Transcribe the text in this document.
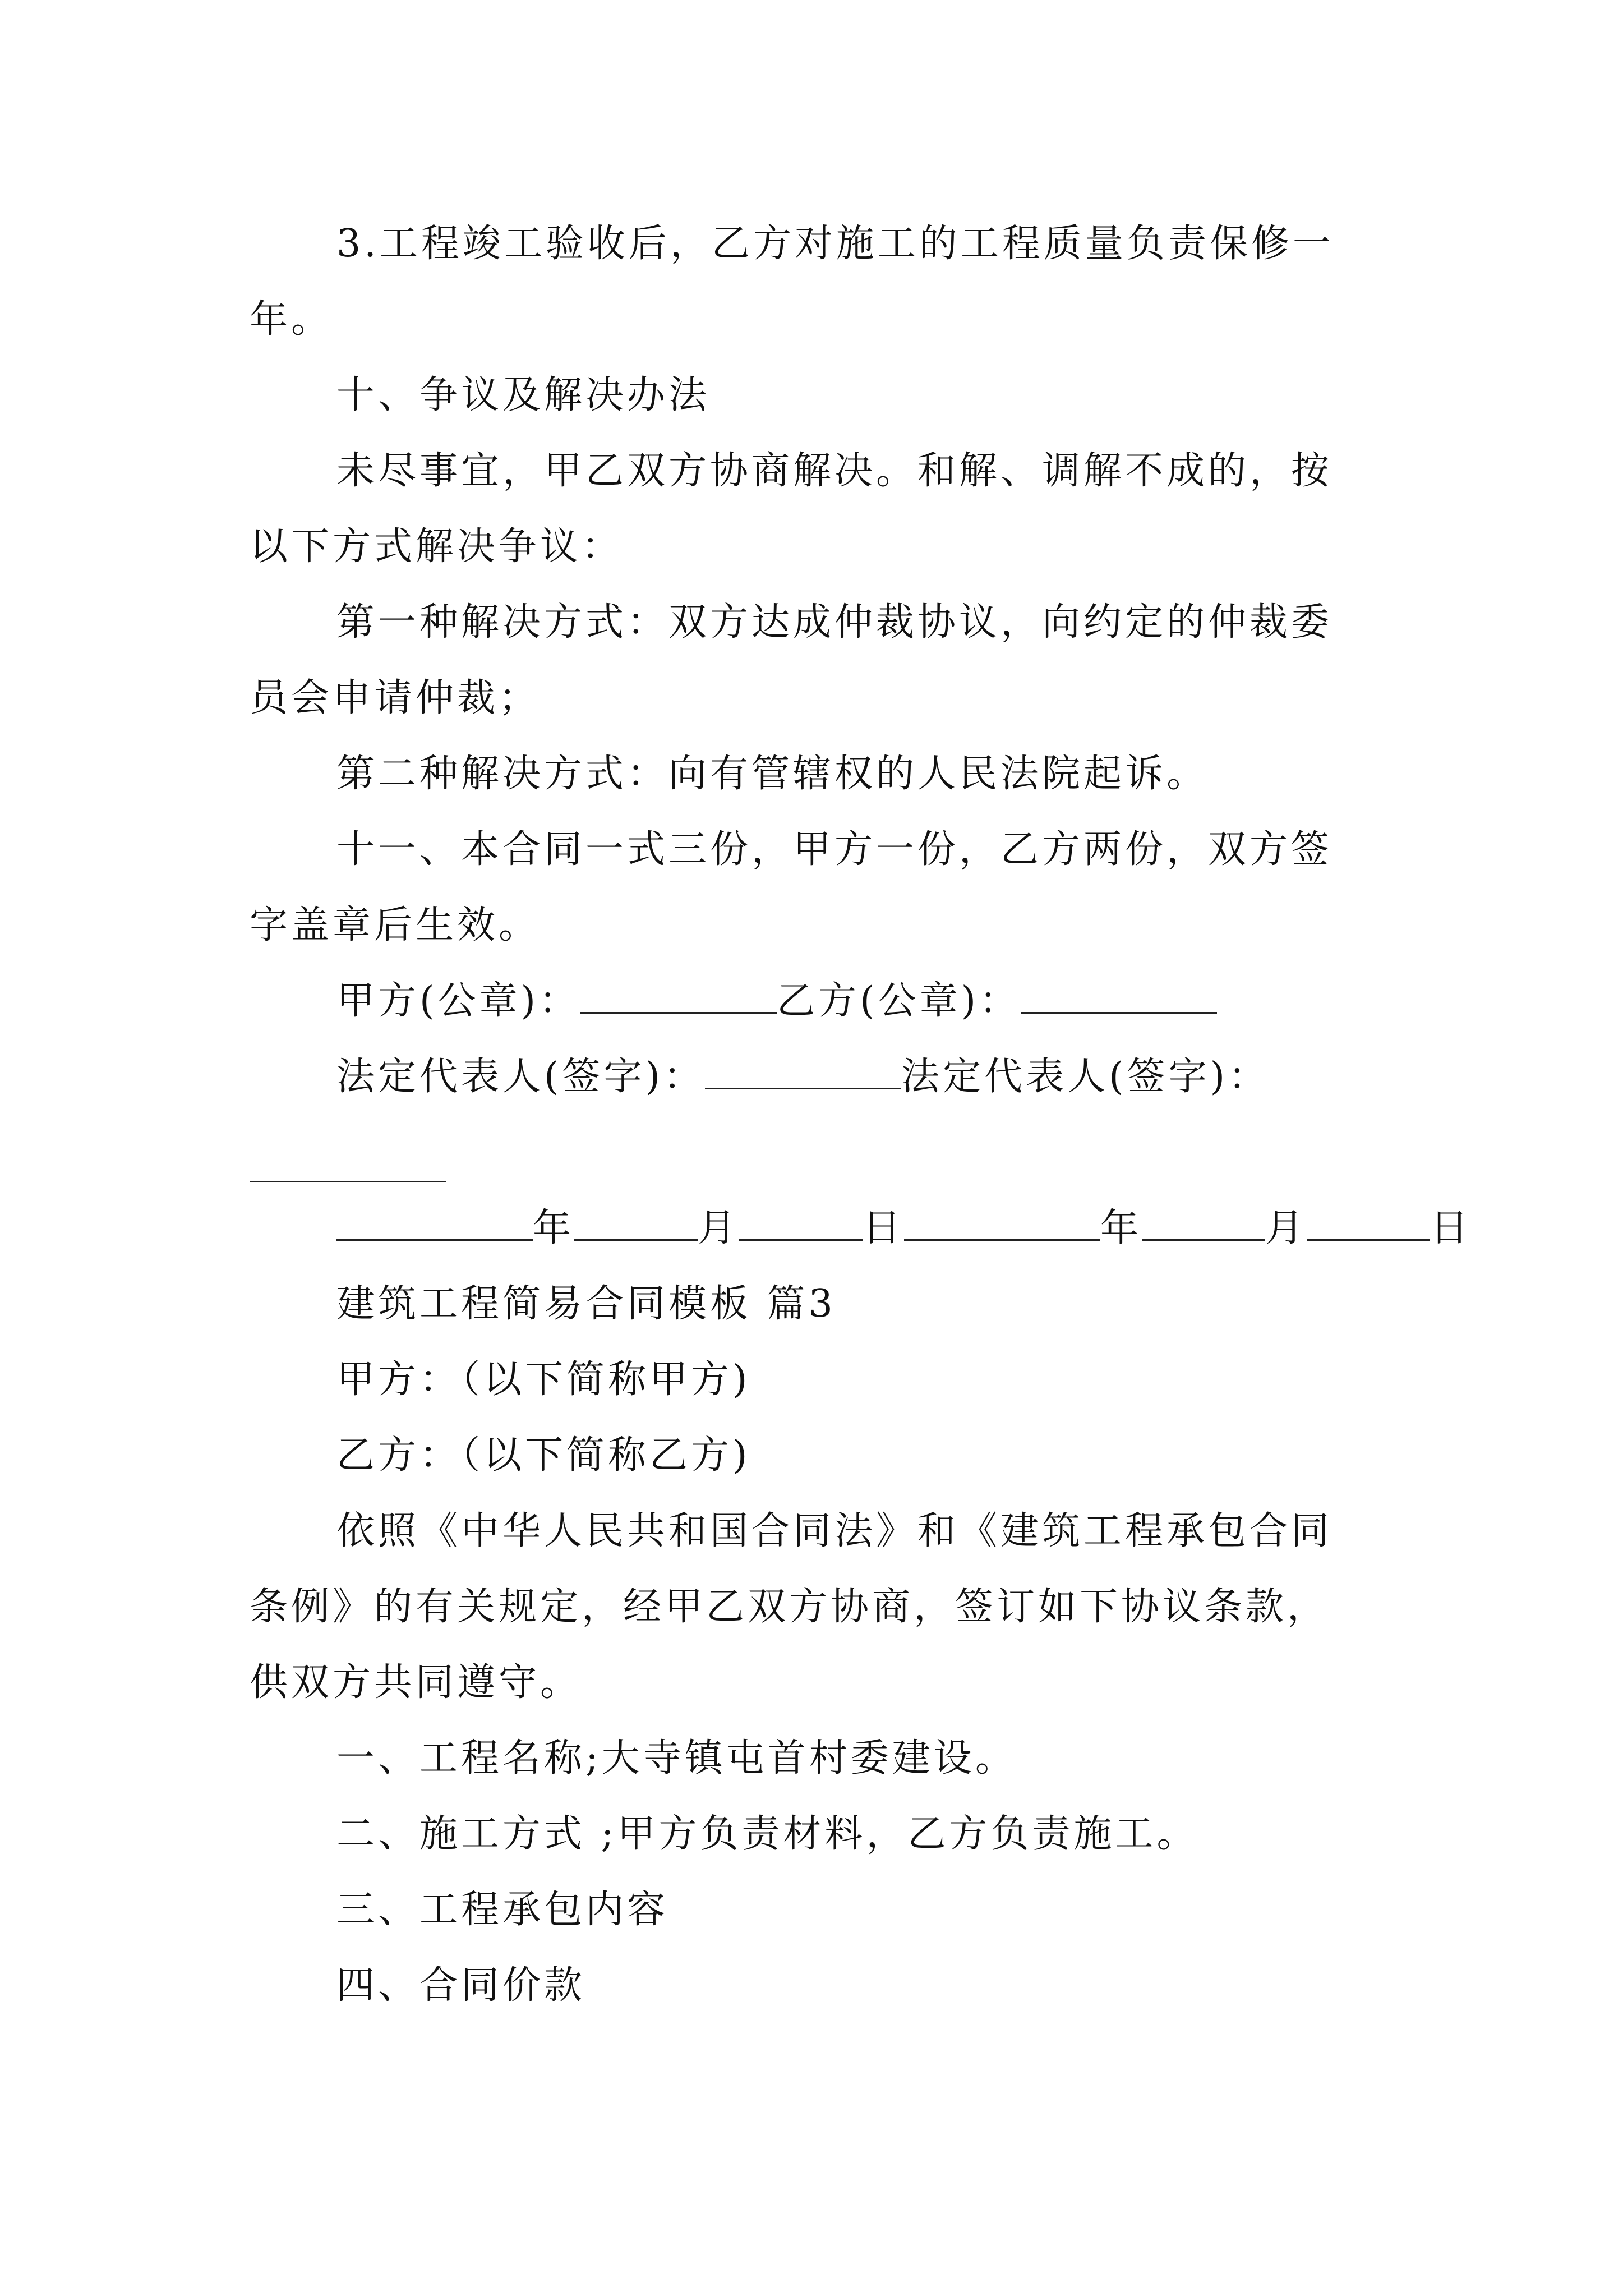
3.工程竣工验收后，乙方对施工的工程质量负责保修一
年。
十、争议及解决办法
未尽事宜，甲乙双方协商解决。和解、调解不成的，按
以下方式解决争议：
第一种解决方式：双方达成仲裁协议，向约定的仲裁委
员会申请仲裁；
第二种解决方式：向有管辖权的人民法院起诉。
十一、本合同一式三份，甲方一份，乙方两份，双方签
字盖章后生效。
甲方(公章)：	乙方(公章)：
法定代表人(签字)：	法定代表人(签字)：
年	月	日	年	月	日
建筑工程简易合同模板 篇3
甲方：（以下简称甲方)
乙方：（以下简称乙方)
依照《中华人民共和国合同法》和《建筑工程承包合同
条例》的有关规定，经甲乙双方协商，签订如下协议条款，
供双方共同遵守。
一、工程名称;大寺镇屯首村委建设。
二、施工方式 ;甲方负责材料，乙方负责施工。
三、工程承包内容
四、合同价款
